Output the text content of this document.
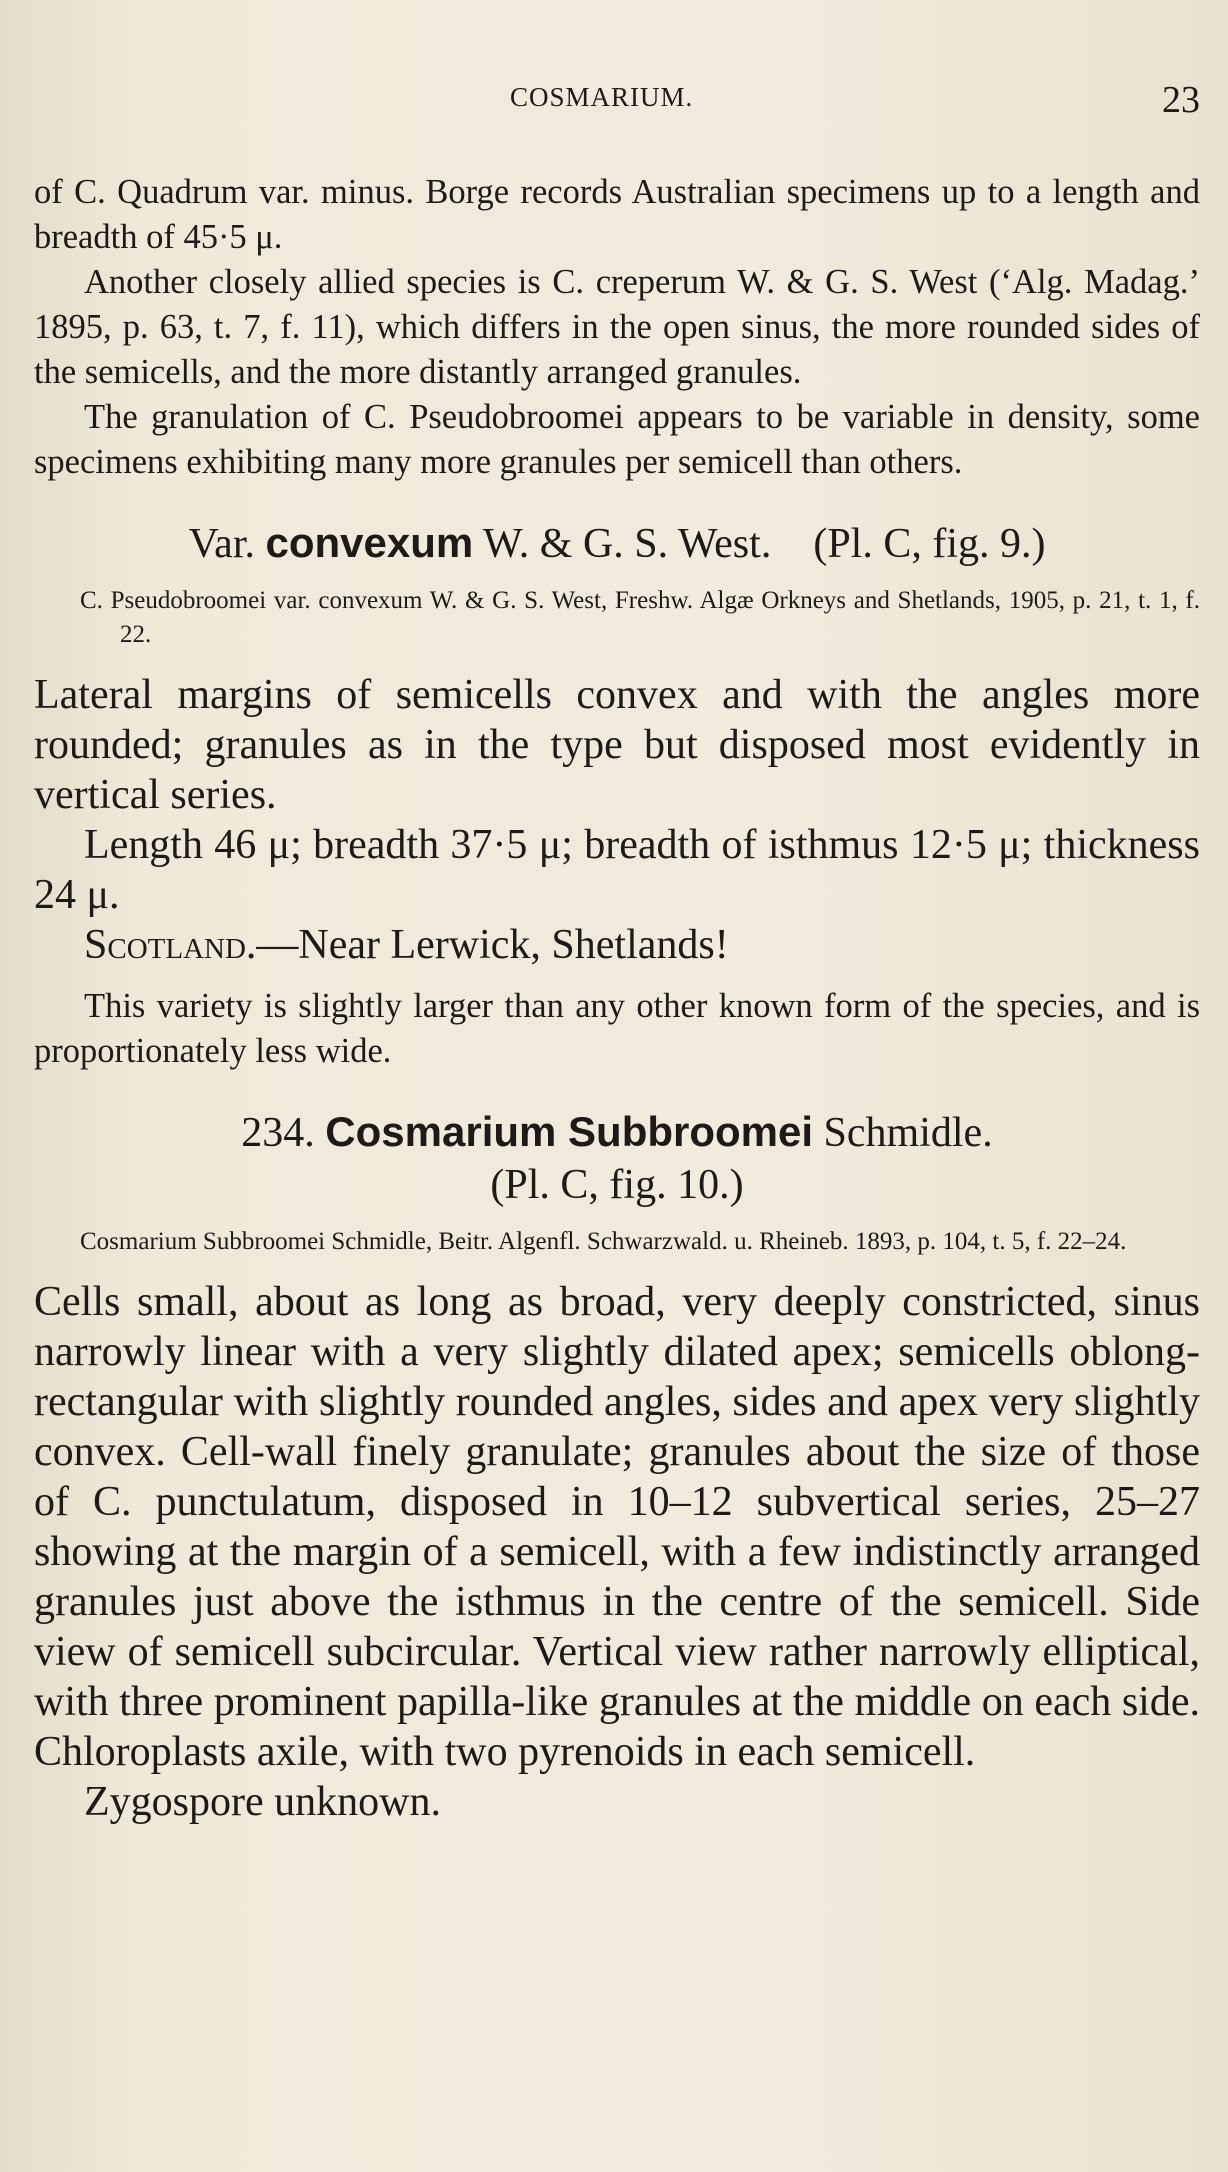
COSMARIUM.	23

of C. Quadrum var. minus. Borge records Australian specimens up to a length and breadth of 45·5 μ.

Another closely allied species is C. creperum W. & G. S. West (‘Alg. Madag.’ 1895, p. 63, t. 7, f. 11), which differs in the open sinus, the more rounded sides of the semicells, and the more distantly arranged granules.

The granulation of C. Pseudobroomei appears to be variable in density, some specimens exhibiting many more granules per semicell than others.

Var. convexum W. & G. S. West. (Pl. C, fig. 9.)

C. Pseudobroomei var. convexum W. & G. S. West, Freshw. Algæ Orkneys and Shetlands, 1905, p. 21, t. 1, f. 22.

Lateral margins of semicells convex and with the angles more rounded; granules as in the type but disposed most evidently in vertical series.

Length 46 μ; breadth 37·5 μ; breadth of isthmus 12·5 μ; thickness 24 μ.

Scotland.—Near Lerwick, Shetlands!

This variety is slightly larger than any other known form of the species, and is proportionately less wide.

234. Cosmarium Subbroomei Schmidle.

(Pl. C, fig. 10.)

Cosmarium Subbroomei Schmidle, Beitr. Algenfl. Schwarzwald. u. Rheineb. 1893, p. 104, t. 5, f. 22–24.

Cells small, about as long as broad, very deeply constricted, sinus narrowly linear with a very slightly dilated apex; semicells oblong-rectangular with slightly rounded angles, sides and apex very slightly convex. Cell-wall finely granulate; granules about the size of those of C. punctulatum, disposed in 10–12 subvertical series, 25–27 showing at the margin of a semicell, with a few indistinctly arranged granules just above the isthmus in the centre of the semicell. Side view of semicell subcircular. Vertical view rather narrowly elliptical, with three prominent papilla-like granules at the middle on each side. Chloroplasts axile, with two pyrenoids in each semicell.

Zygospore unknown.
